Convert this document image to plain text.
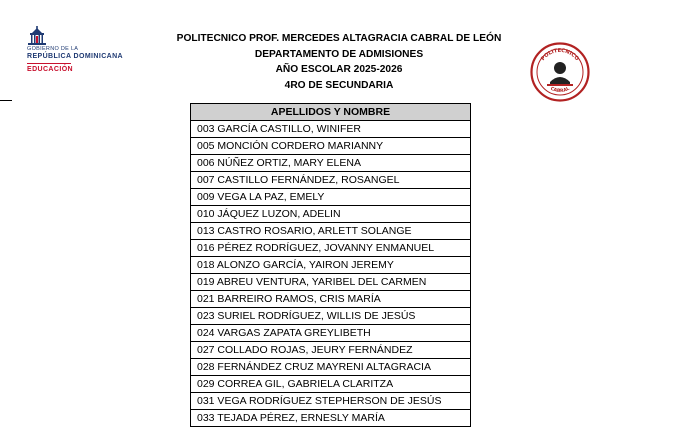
GOBIERNO DE LA
REPÚBLICA DOMINICANA
EDUCACIÓN
POLITECNICO PROF. MERCEDES ALTAGRACIA CABRAL DE LEÓN
DEPARTAMENTO DE ADMISIONES
AÑO ESCOLAR 2025-2026
4RO DE SECUNDARIA
POLITECNICO
CABRAL
APELLIDOS Y NOMBRE
003 GARCÍA CASTILLO, WINIFER
005 MONCIÓN CORDERO MARIANNY
006 NÚÑEZ ORTIZ, MARY ELENA
007 CASTILLO FERNÁNDEZ, ROSANGEL
009 VEGA LA PAZ, EMELY
010 JÁQUEZ LUZON, ADELIN
013 CASTRO ROSARIO, ARLETT SOLANGE
016 PÉREZ RODRÍGUEZ, JOVANNY ENMANUEL
018 ALONZO GARCÍA, YAIRON JEREMY
019 ABREU VENTURA, YARIBEL DEL CARMEN
021 BARREIRO RAMOS, CRIS MARÍA
023 SURIEL RODRÍGUEZ, WILLIS DE JESÚS
024 VARGAS ZAPATA GREYLIBETH
027 COLLADO ROJAS, JEURY FERNÁNDEZ
028 FERNÁNDEZ CRUZ MAYRENI ALTAGRACIA
029 CORREA GIL, GABRIELA CLARITZA
031 VEGA RODRÍGUEZ STEPHERSON DE JESÚS
033 TEJADA PÉREZ, ERNESLY MARÍA
